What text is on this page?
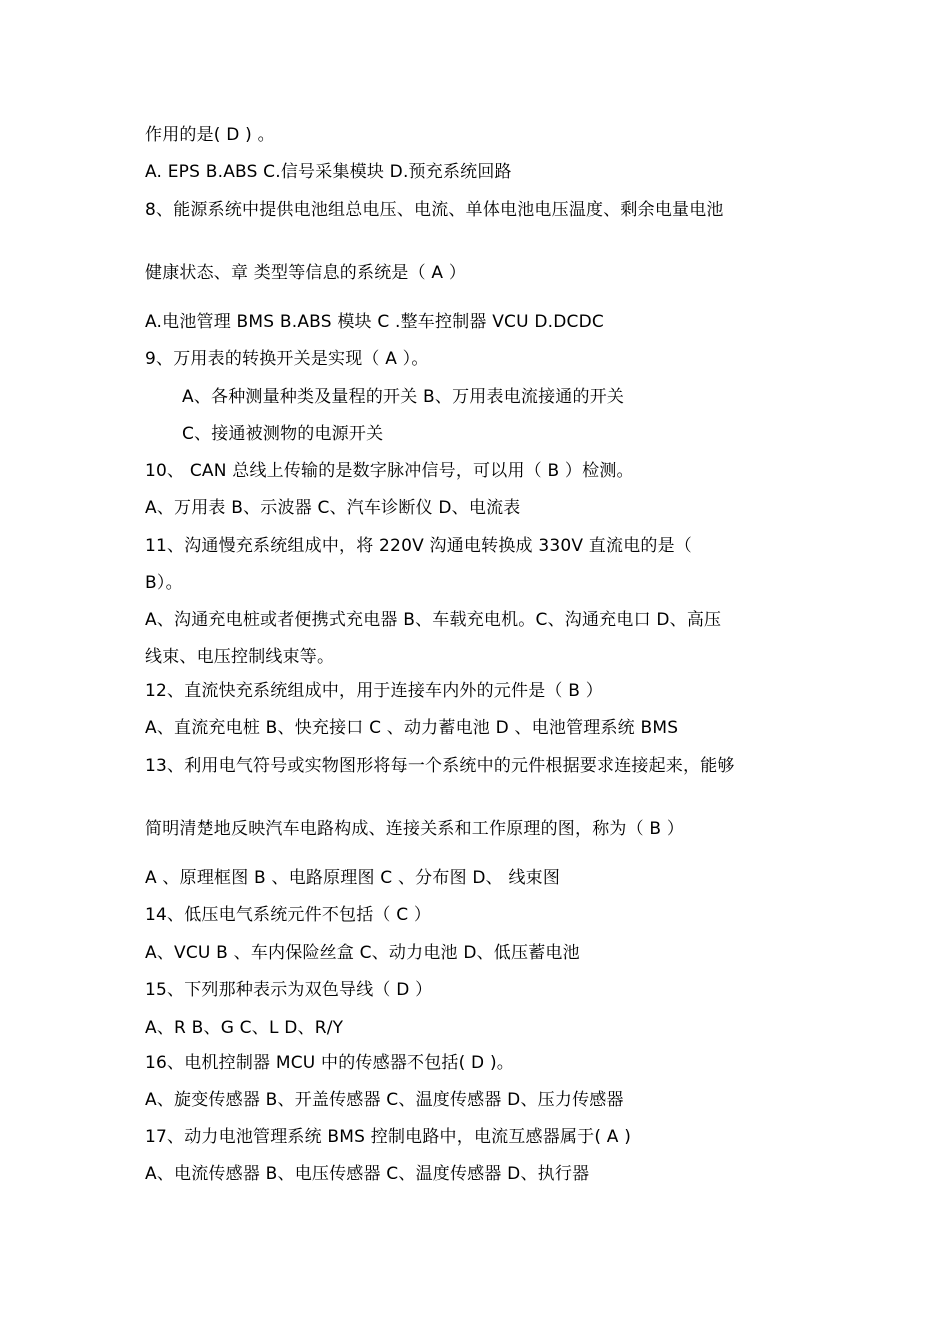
作用的是( D ) 。
A. EPS B.ABS C.信号采集模块 D.预充系统回路
8、能源系统中提供电池组总电压、电流、单体电池电压温度、剩余电量电池
健康状态、章 类型等信息的系统是（ A ）
A.电池管理 BMS B.ABS 模块 C .整车控制器 VCU D.DCDC
9、万用表的转换开关是实现（ A ）。
A、各种测量种类及量程的开关 B、万用表电流接通的开关
C、接通被测物的电源开关
10、 CAN 总线上传输的是数字脉冲信号，可以用（ B ）检测。
A、万用表 B、示波器 C、汽车诊断仪 D、电流表
11、沟通慢充系统组成中，将 220V 沟通电转换成 330V 直流电的是（
B）。
A、沟通充电桩或者便携式充电器 B、车载充电机。C、沟通充电口 D、高压
线束、电压控制线束等。
12、直流快充系统组成中，用于连接车内外的元件是（ B ）
A、直流充电桩 B、快充接口 C 、动力蓄电池 D 、电池管理系统 BMS
13、利用电气符号或实物图形将每一个系统中的元件根据要求连接起来，能够
简明清楚地反映汽车电路构成、连接关系和工作原理的图，称为（ B ）
A 、原理框图 B 、电路原理图 C 、分布图 D、 线束图
14、低压电气系统元件不包括（ C ）
A、VCU B 、车内保险丝盒 C、动力电池 D、低压蓄电池
15、下列那种表示为双色导线（ D ）
A、R B、G C、L D、R/Y
16、电机控制器 MCU 中的传感器不包括( D )。
A、旋变传感器 B、开盖传感器 C、温度传感器 D、压力传感器
17、动力电池管理系统 BMS 控制电路中，电流互感器属于( A )
A、电流传感器 B、电压传感器 C、温度传感器 D、执行器
